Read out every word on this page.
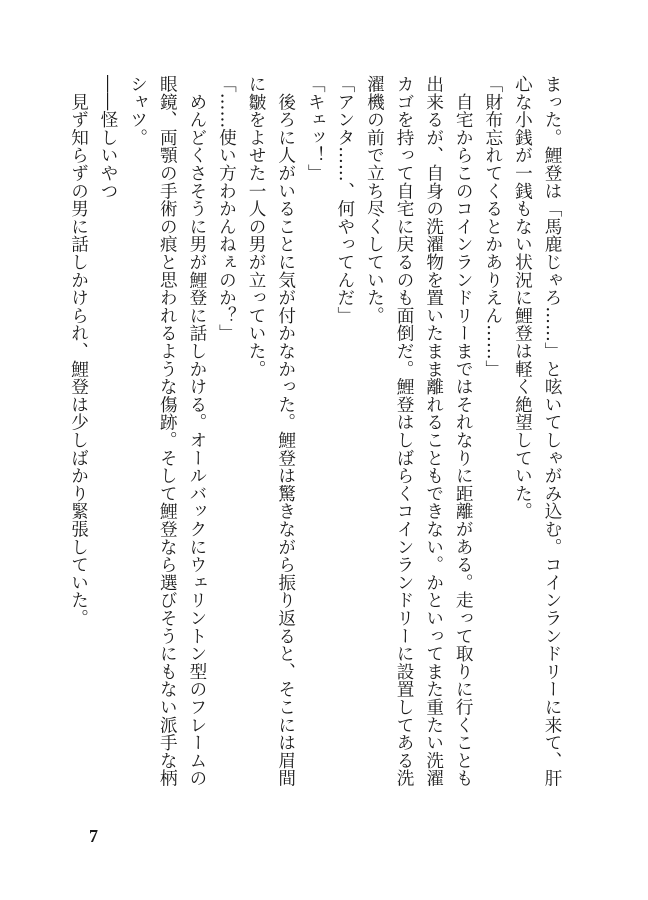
まった。鯉登は「馬鹿じゃろ……」と呟いてしゃがみ込む。コインランドリーに来て、肝
心な小銭が一銭もない状況に鯉登は軽く絶望していた。
「財布忘れてくるとかありえん……」
　自宅からこのコインランドリーまではそれなりに距離がある。走って取りに行くことも
出来るが、自身の洗濯物を置いたまま離れることもできない。かといってまた重たい洗濯
カゴを持って自宅に戻るのも面倒だ。鯉登はしばらくコインランドリーに設置してある洗
濯機の前で立ち尽くしていた。
「アンタ……、何やってんだ」
「キェッ！」
　後ろに人がいることに気が付かなかった。鯉登は驚きながら振り返ると、そこには眉間
に皺をよせた一人の男が立っていた。
「……使い方わかんねぇのか？」
　めんどくさそうに男が鯉登に話しかける。オールバックにウェリントン型のフレームの
眼鏡、両顎の手術の痕と思われるような傷跡。そして鯉登なら選びそうにもない派手な柄
シャツ。
――怪しいやつ
　見ず知らずの男に話しかけられ、鯉登は少しばかり緊張していた。
7
